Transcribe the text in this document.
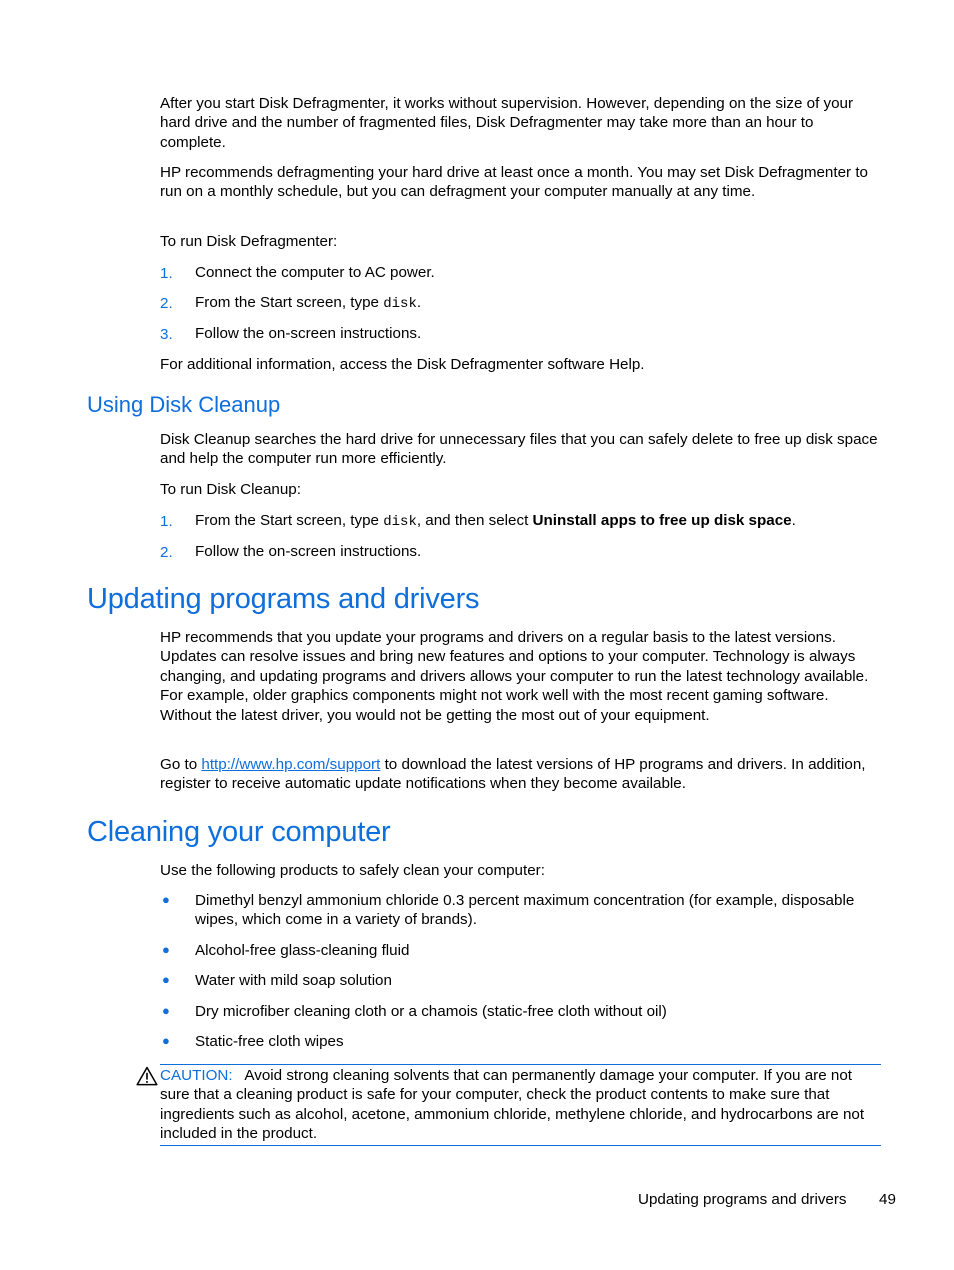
After you start Disk Defragmenter, it works without supervision. However, depending on the size of your hard drive and the number of fragmented files, Disk Defragmenter may take more than an hour to complete.

HP recommends defragmenting your hard drive at least once a month. You may set Disk Defragmenter to run on a monthly schedule, but you can defragment your computer manually at any time.

To run Disk Defragmenter:

1. Connect the computer to AC power.
2. From the Start screen, type disk.
3. Follow the on-screen instructions.

For additional information, access the Disk Defragmenter software Help.

Using Disk Cleanup

Disk Cleanup searches the hard drive for unnecessary files that you can safely delete to free up disk space and help the computer run more efficiently.

To run Disk Cleanup:

1. From the Start screen, type disk, and then select Uninstall apps to free up disk space.
2. Follow the on-screen instructions.
Updating programs and drivers

HP recommends that you update your programs and drivers on a regular basis to the latest versions. Updates can resolve issues and bring new features and options to your computer. Technology is always changing, and updating programs and drivers allows your computer to run the latest technology available. For example, older graphics components might not work well with the most recent gaming software. Without the latest driver, you would not be getting the most out of your equipment.

Go to http://www.hp.com/support to download the latest versions of HP programs and drivers. In addition, register to receive automatic update notifications when they become available.

Cleaning your computer

Use the following products to safely clean your computer:

● Dimethyl benzyl ammonium chloride 0.3 percent maximum concentration (for example, disposable wipes, which come in a variety of brands).
● Alcohol-free glass-cleaning fluid
● Water with mild soap solution
● Dry microfiber cleaning cloth or a chamois (static-free cloth without oil)
● Static-free cloth wipes

CAUTION: Avoid strong cleaning solvents that can permanently damage your computer. If you are not sure that a cleaning product is safe for your computer, check the product contents to make sure that ingredients such as alcohol, acetone, ammonium chloride, methylene chloride, and hydrocarbons are not included in the product.

Updating programs and drivers 49
